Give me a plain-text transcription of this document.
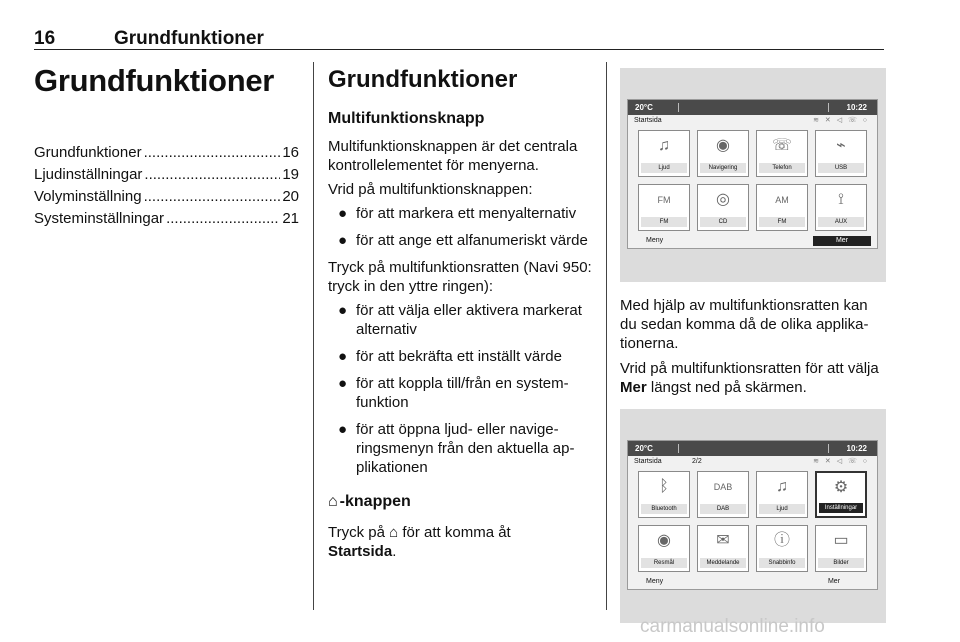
16	Grundfunktioner
Grundfunktioner
Grundfunktioner .....	16
Ljudinställningar .....	19
Volyminställning .....	20
Systeminställningar .....	21
Grundfunktioner
Multifunktionsknapp

Multifunktionsknappen är det centrala kontrollelementet för menyerna.

Vrid på multifunktionsknappen:

● för att markera ett menyalternativ
● för att ange ett alfanumeriskt värde

Tryck på multifunktionsratten (Navi 950: tryck in den yttre ringen):

● för att välja eller aktivera markerat alternativ
● för att bekräfta ett inställt värde
● för att koppla till/från en systemfunktion
● för att öppna ljud- eller navigeringsmenyn från den aktuella applikationen
⌂ -knappen

Tryck på ⌂ för att komma åt
Startsida.

20°C	10:22
Startsida	≋ ✕ ◁ ☏ ○
♫
Ljud
◉
Navigering
☏
Telefon
⌁
USB
FM
FM
◎
CD
AM
FM
⟟
AUX
Meny	Mer

Med hjälp av multifunktionsratten kan du sedan komma då de olika applikationerna.

Vrid på multifunktionsratten för att välja Mer längst ned på skärmen.

20°C	10:22
Startsida	2/2	≋ ✕ ◁ ☏ ○
ᛒ
Bluetooth
DAB
DAB
♫
Ljud
⚙
Inställningar
◉
Resmål
✉
Meddelande
ⓘ
Snabbinfo
▭
Bilder
Meny	Mer
carmanualsonline.info
